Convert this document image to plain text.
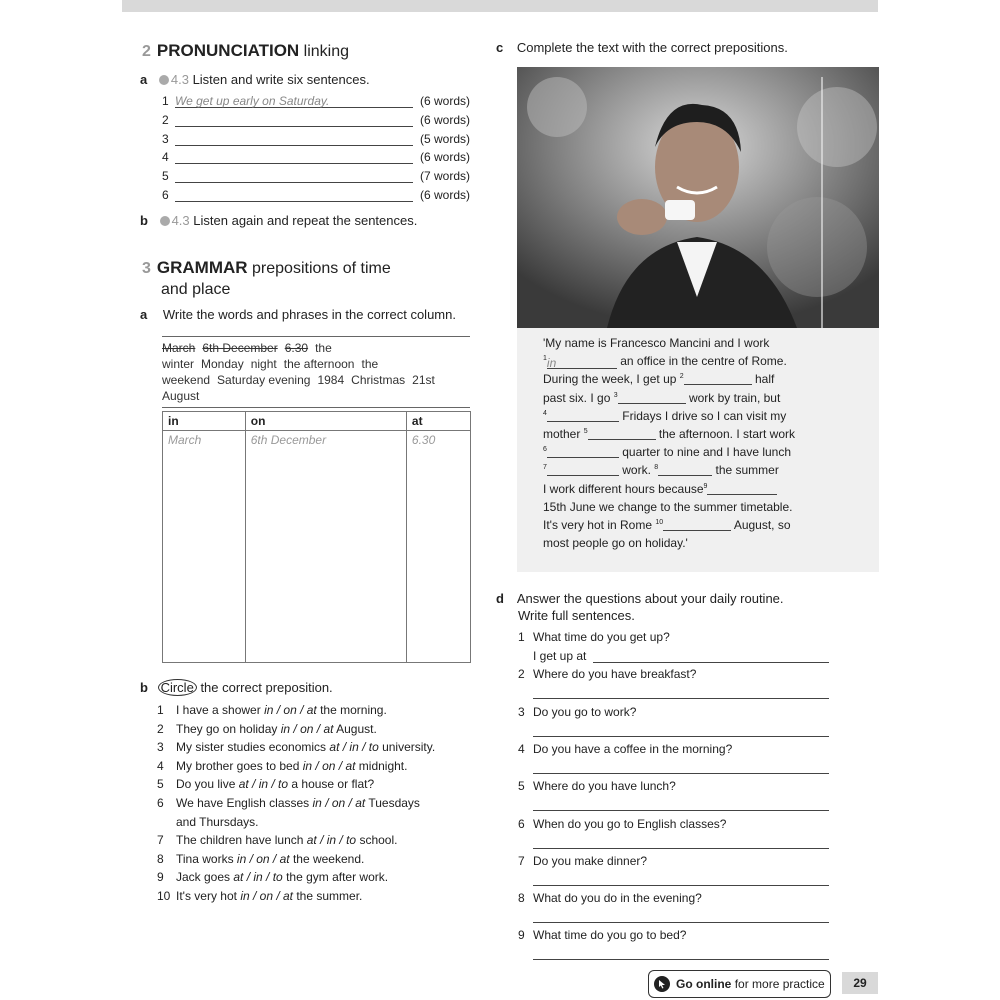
2 PRONUNCIATION linking
a 4.3 Listen and write six sentences.
1 We get up early on Saturday.	(6 words)
2	(6 words)
3	(5 words)
4	(6 words)
5	(7 words)
6	(6 words)
b 4.3 Listen again and repeat the sentences.
3 GRAMMAR prepositions of time
and place
a Write the words and phrases in the correct column.
March 6th December 6.30 the winter Monday night the afternoon the weekend Saturday evening 1984 Christmas 21st August
in	on	at
March	6th December	6.30
b Circle the correct preposition.
1 I have a shower in / on / at the morning.
2 They go on holiday in / on / at August.
3 My sister studies economics at / in / to university.
4 My brother goes to bed in / on / at midnight.
5 Do you live at / in / to a house or flat?
6 We have English classes in / on / at Tuesdays
and Thursdays.
7 The children have lunch at / in / to school.
8 Tina works in / on / at the weekend.
9 Jack goes at / in / to the gym after work.
10 It's very hot in / on / at the summer.
c Complete the text with the correct prepositions.
'My name is Francesco Mancini and I work
$^1$in	an office in the centre of Rome.
During the week, I get up $^2$	half
past six. I go $^3$	work by train, but
$^4$	Fridays I drive so I can visit my
mother $^5$	the afternoon. I start work
$^6$	quarter to nine and I have lunch
$^7$	work. $^8$	the summer
I work different hours because$^9$
15th June we change to the summer timetable.
It's very hot in Rome $^{10}$	August, so
most people go on holiday.'
d Answer the questions about your daily routine.
Write full sentences.
1 What time do you get up?
I get up at
2 Where do you have breakfast?
3 Do you go to work?
4 Do you have a coffee in the morning?
5 Where do you have lunch?
6 When do you go to English classes?
7 Do you make dinner?
8 What do you do in the evening?
9 What time do you go to bed?
Go online
for more practice	29
